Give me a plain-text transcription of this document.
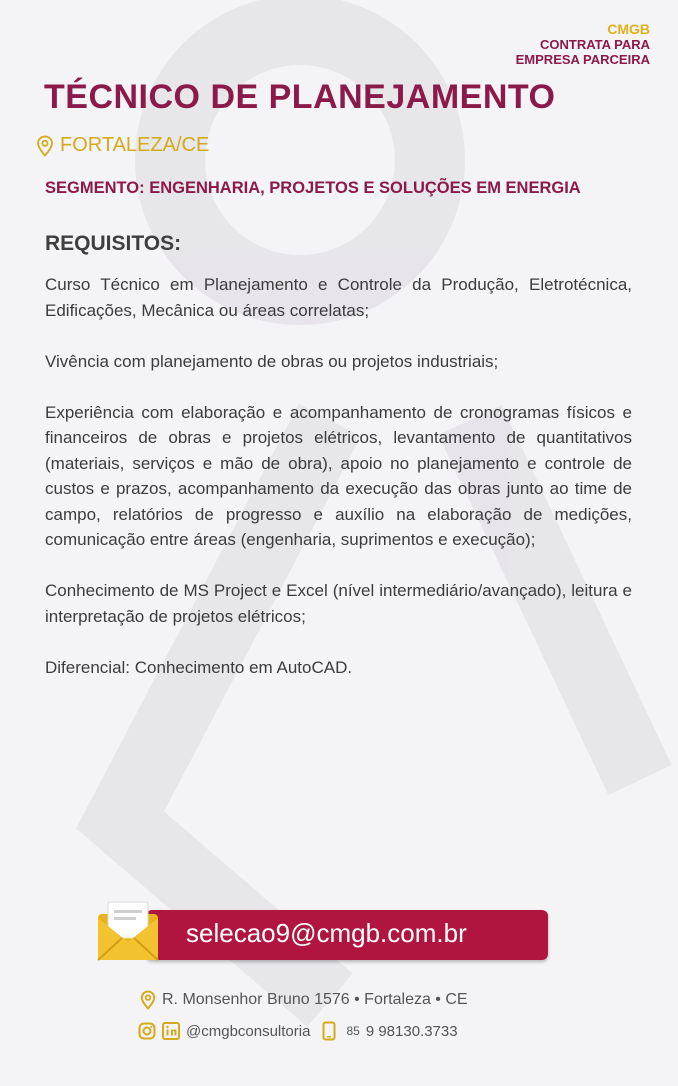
CMGB
CONTRATA PARA
EMPRESA PARCEIRA
TÉCNICO DE PLANEJAMENTO
FORTALEZA/CE
SEGMENTO: ENGENHARIA, PROJETOS E SOLUÇÕES EM ENERGIA
REQUISITOS:

Curso Técnico em Planejamento e Controle da Produção, Eletrotécnica, Edificações, Mecânica ou áreas correlatas;

Vivência com planejamento de obras ou projetos industriais;

Experiência com elaboração e acompanhamento de cronogramas físicos e financeiros de obras e projetos elétricos, levantamento de quantitativos (materiais, serviços e mão de obra), apoio no planejamento e controle de custos e prazos, acompanhamento da execução das obras junto ao time de campo, relatórios de progresso e auxílio na elaboração de medições, comunicação entre áreas (engenharia, suprimentos e execução);

Conhecimento de MS Project e Excel (nível intermediário/avançado), leitura e interpretação de projetos elétricos;

Diferencial: Conhecimento em AutoCAD.

selecao9@cmgb.com.br
R. Monsenhor Bruno 1576 • Fortaleza • CE
@cmgbconsultoria	85 9 98130.3733
